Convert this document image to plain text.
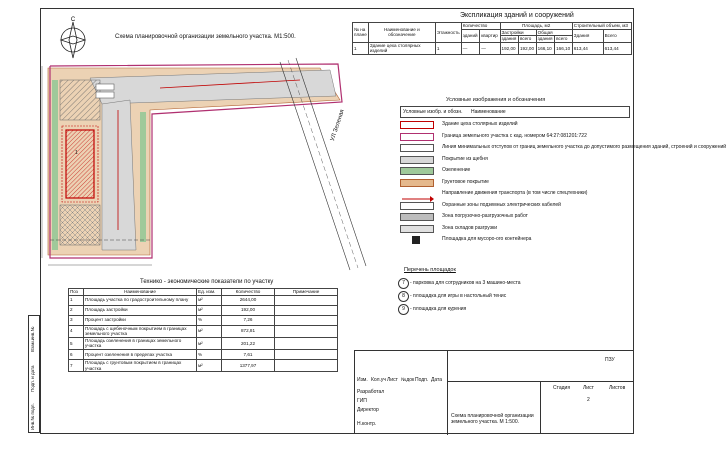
Взам.инв.№
Подп. и дата
Инв.№ подл.
С
Схема планировочной организации земельного участка. М1:500.
УЛ Зеленая
1
Экспликация зданий и сооружений
№ на плане	Наименование и обозначение	Этажность	Количество		Площадь, м2				Строительный объем, м3	
			зданий	квартир	Застройки		Общая		Здания	Всего
					здания	всего	здания	всего		
1	Здание цеха столярных изделий	1	—	—	192,00	192,00	166,10	166,10	613,44	613,44
Условные изображения и обозначения
Условные изобр. и обозн. Наименование
Здание цеха столярных изделий
Граница земельного участка с кад. номером 64:27:081201:722
Линия минимальных отступов от границ земельного участка до допустимого размещения зданий, строений и сооружений
Покрытие из щебня
Озеленение
Грунтовое покрытие
Направление движения транспорта (в том числе спецтехники)
Охранные зоны подземных электрических кабелей
Зона погрузочно-разгрузочных работ
Зона складов разгрузки
Площадка для мусоро-ого контейнера
Перечень площадок
7	- парковка для сотрудников на 3 машино-места
8	- площадка для игры в настольный тенис
9	- площадка для курения
Технико - экономические показатели по участку
Поз	Наименование	Ед. изм.	Количество	Примечание
1	Площадь участка по градостроительному плану	м²	2644,00	
2	Площадь застройки	м²	192,00	
3	Процент застройки	%	7,26	
4	Площадь с щебеночным покрытием в границах земельного участка	м²	872,81	
5	Площадь озеленения в границах земельного участка	м²	201,22	
6	Процент озеленения в пределах участка	%	7,61	
7	Площадь с грунтовым покрытием в границах участка	м²	1377,97	
ПЗУ
Стадия	Лист	Листов
2
Схема планировочной организации земельного участка. М 1:500.
Изм. Кол.уч Лист №док Подп. Дата
Разработал
ГИП
Директор
Н.контр.
